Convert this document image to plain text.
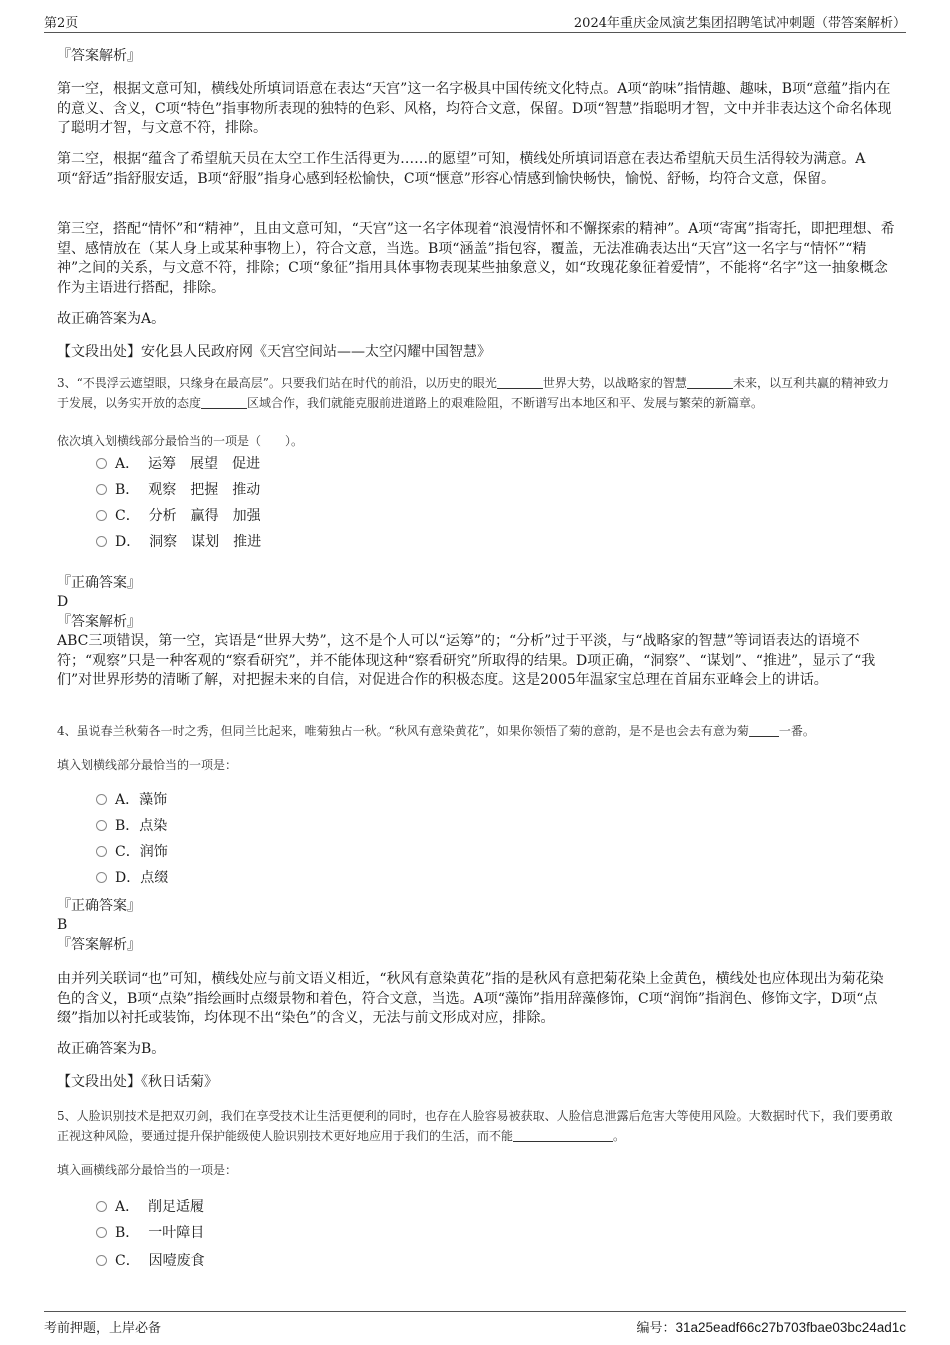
第2页	2024年重庆金凤演艺集团招聘笔试冲刺题（带答案解析）

『答案解析』

第一空，根据文意可知，横线处所填词语意在表达“天宫”这一名字极具中国传统文化特点。A项“韵味”指情趣、趣味，B项“意蕴”指内在的意义、含义，C项“特色”指事物所表现的独特的色彩、风格，均符合文意，保留。D项“智慧”指聪明才智，文中并非表达这个命名体现了聪明才智，与文意不符，排除。

第二空，根据“蕴含了希望航天员在太空工作生活得更为……的愿望”可知，横线处所填词语意在表达希望航天员生活得较为满意。A项“舒适”指舒服安适，B项“舒服”指身心感到轻松愉快，C项“惬意”形容心情感到愉快畅快，愉悦、舒畅，均符合文意，保留。

第三空，搭配“情怀”和“精神”，且由文意可知，“天宫”这一名字体现着“浪漫情怀和不懈探索的精神”。A项“寄寓”指寄托，即把理想、希望、感情放在（某人身上或某种事物上），符合文意，当选。B项“涵盖”指包容，覆盖，无法准确表达出“天宫”这一名字与“情怀”“精神”之间的关系，与文意不符，排除；C项“象征”指用具体事物表现某些抽象意义，如“玫瑰花象征着爱情”，不能将“名字”这一抽象概念作为主语进行搭配，排除。

故正确答案为A。

【文段出处】安化县人民政府网《天宫空间站——太空闪耀中国智慧》

3、“不畏浮云遮望眼，只缘身在最高层”。只要我们站在时代的前沿，以历史的眼光	世界大势，以战略家的智慧	未来，以互利共赢的精神致力于发展，以务实开放的态度	区域合作，我们就能克服前进道路上的艰难险阻，不断谱写出本地区和平、发展与繁荣的新篇章。

依次填入划横线部分最恰当的一项是（　　）。

A． 运筹　展望　促进
B． 观察　把握　推动
C． 分析　赢得　加强
D． 洞察　谋划　推进

『正确答案』

D

『答案解析』

ABC三项错误，第一空，宾语是“世界大势”，这不是个人可以“运筹”的；“分析”过于平淡，与“战略家的智慧”等词语表达的语境不符；“观察”只是一种客观的“察看研究”，并不能体现这种“察看研究”所取得的结果。D项正确，“洞察”、“谋划”、“推进”，显示了“我们”对世界形势的清晰了解，对把握未来的自信，对促进合作的积极态度。这是2005年温家宝总理在首届东亚峰会上的讲话。

4、虽说春兰秋菊各一时之秀，但同兰比起来，唯菊独占一秋。“秋风有意染黄花”，如果你领悟了菊的意韵，是不是也会去有意为菊	一番。

填入划横线部分最恰当的一项是：

A．藻饰
B．点染
C．润饰
D．点缀

『正确答案』

B

『答案解析』

由并列关联词“也”可知，横线处应与前文语义相近，“秋风有意染黄花”指的是秋风有意把菊花染上金黄色，横线处也应体现出为菊花染色的含义，B项“点染”指绘画时点缀景物和着色，符合文意，当选。A项“藻饰”指用辞藻修饰，C项“润饰”指润色、修饰文字，D项“点缀”指加以衬托或装饰，均体现不出“染色”的含义，无法与前文形成对应，排除。

故正确答案为B。

【文段出处】《秋日话菊》

5、人脸识别技术是把双刃剑，我们在享受技术让生活更便利的同时，也存在人脸容易被获取、人脸信息泄露后危害大等使用风险。大数据时代下，我们要勇敢正视这种风险，要通过提升保护能级使人脸识别技术更好地应用于我们的生活，而不能	。

填入画横线部分最恰当的一项是：

A． 削足适履
B． 一叶障目
C． 因噎废食
考前押题，上岸必备	编号：31a25eadf66c27b703fbae03bc24ad1c
